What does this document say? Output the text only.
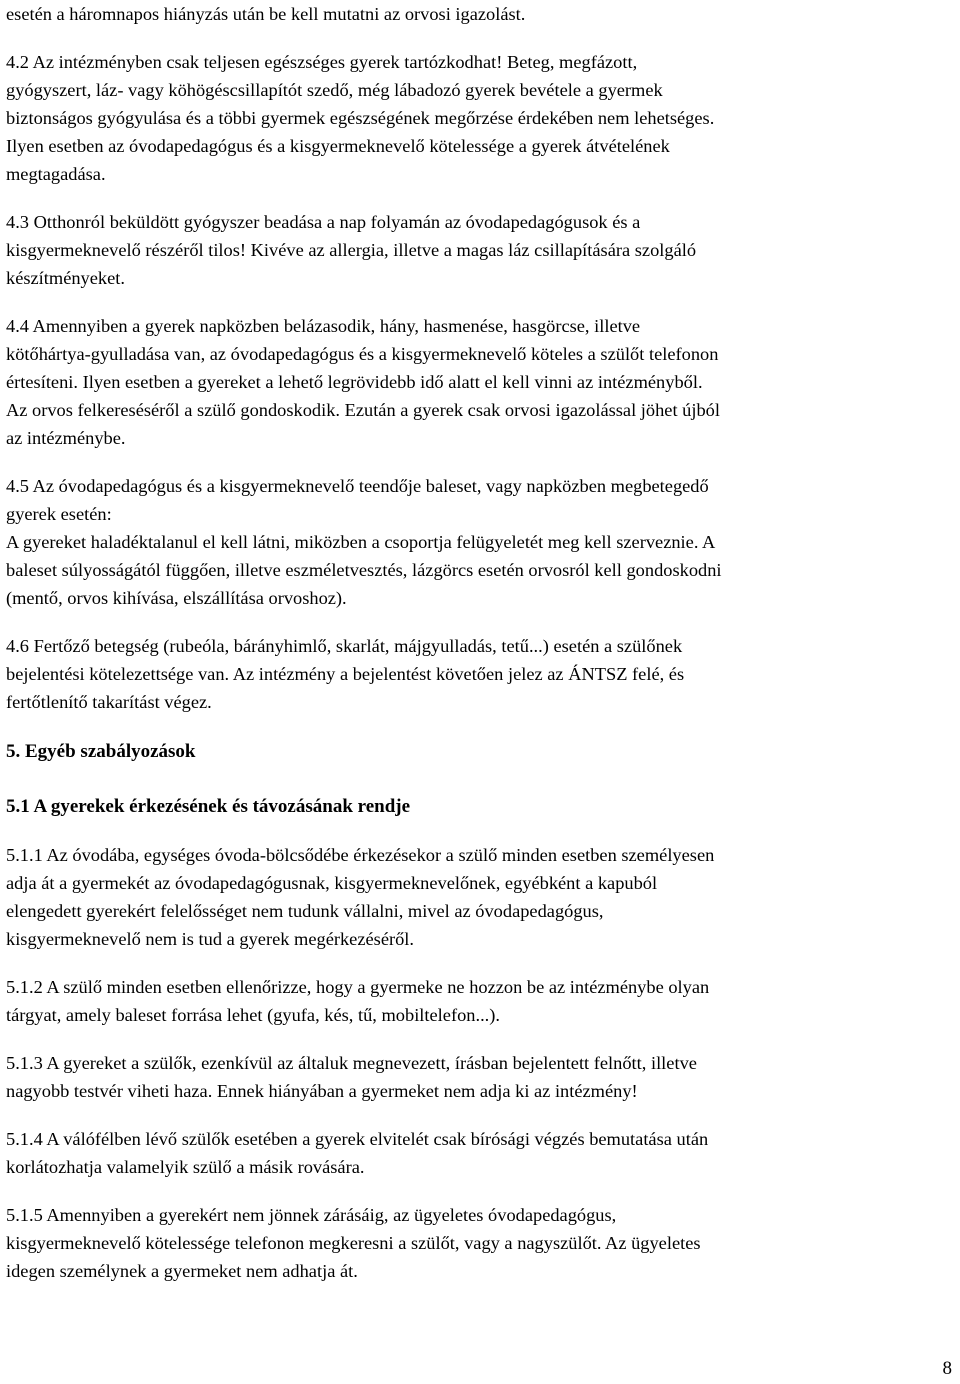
esetén a háromnapos hiányzás után be kell mutatni az orvosi igazolást.

4.2 Az intézményben csak teljesen egészséges gyerek tartózkodhat! Beteg, megfázott,
gyógyszert, láz- vagy köhögéscsillapítót szedő, még lábadozó gyerek bevétele a gyermek
biztonságos gyógyulása és a többi gyermek egészségének megőrzése érdekében nem lehetséges.
Ilyen esetben az óvodapedagógus és a kisgyermeknevelő kötelessége a gyerek átvételének
megtagadása.

4.3 Otthonról beküldött gyógyszer beadása a nap folyamán az óvodapedagógusok és a
kisgyermeknevelő részéről tilos! Kivéve az allergia, illetve a magas láz csillapítására szolgáló
készítményeket.

4.4 Amennyiben a gyerek napközben belázasodik, hány, hasmenése, hasgörcse, illetve
kötőhártya-gyulladása van, az óvodapedagógus és a kisgyermeknevelő köteles a szülőt telefonon
értesíteni. Ilyen esetben a gyereket a lehető legrövidebb idő alatt el kell vinni az intézményből.
Az orvos felkereséséről a szülő gondoskodik. Ezután a gyerek csak orvosi igazolással jöhet újból
az intézménybe.

4.5 Az óvodapedagógus és a kisgyermeknevelő teendője baleset, vagy napközben megbetegedő
gyerek esetén:
A gyereket haladéktalanul el kell látni, miközben a csoportja felügyeletét meg kell szerveznie. A
baleset súlyosságától függően, illetve eszméletvesztés, lázgörcs esetén orvosról kell gondoskodni
(mentő, orvos kihívása, elszállítása orvoshoz).

4.6 Fertőző betegség (rubeóla, bárányhimlő, skarlát, májgyulladás, tetű...) esetén a szülőnek
bejelentési kötelezettsége van. Az intézmény a bejelentést követően jelez az ÁNTSZ felé, és
fertőtlenítő takarítást végez.

5. Egyéb szabályozások
5.1 A gyerekek érkezésének és távozásának rendje

5.1.1 Az óvodába, egységes óvoda-bölcsődébe érkezésekor a szülő minden esetben személyesen
adja át a gyermekét az óvodapedagógusnak, kisgyermeknevelőnek, egyébként a kapuból
elengedett gyerekért felelősséget nem tudunk vállalni, mivel az óvodapedagógus,
kisgyermeknevelő nem is tud a gyerek megérkezéséről.

5.1.2 A szülő minden esetben ellenőrizze, hogy a gyermeke ne hozzon be az intézménybe olyan
tárgyat, amely baleset forrása lehet (gyufa, kés, tű, mobiltelefon...).

5.1.3 A gyereket a szülők, ezenkívül az általuk megnevezett, írásban bejelentett felnőtt, illetve
nagyobb testvér viheti haza. Ennek hiányában a gyermeket nem adja ki az intézmény!

5.1.4 A válófélben lévő szülők esetében a gyerek elvitelét csak bírósági végzés bemutatása után
korlátozhatja valamelyik szülő a másik rovására.

5.1.5 Amennyiben a gyerekért nem jönnek zárásáig, az ügyeletes óvodapedagógus,
kisgyermeknevelő kötelessége telefonon megkeresni a szülőt, vagy a nagyszülőt. Az ügyeletes
idegen személynek a gyermeket nem adhatja át.

8
